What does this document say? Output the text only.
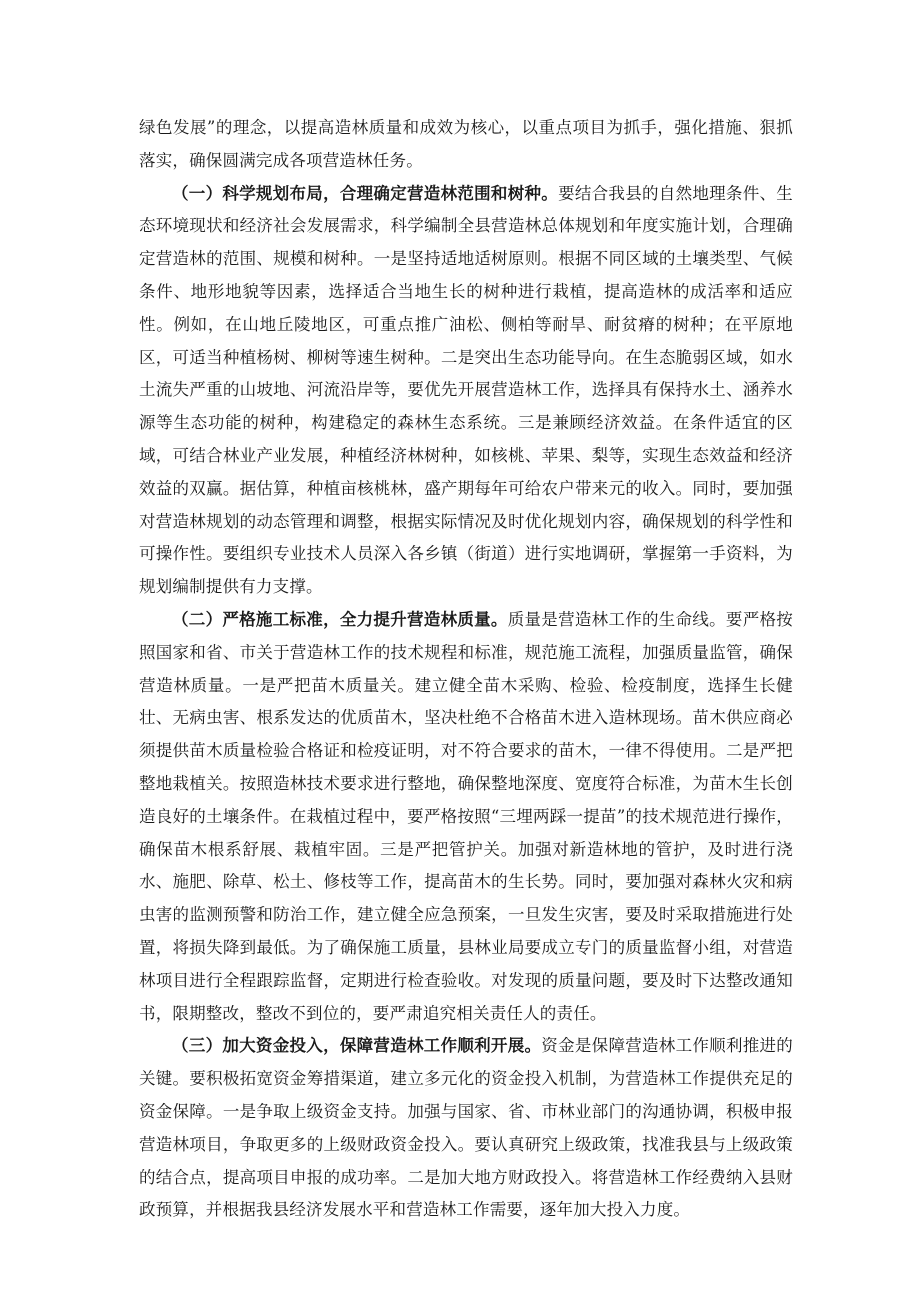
绿色发展”的理念，以提高造林质量和成效为核心，以重点项目为抓手，强化措施、狠抓落实，确保圆满完成各项营造林任务。

（一）科学规划布局，合理确定营造林范围和树种。要结合我县的自然地理条件、生态环境现状和经济社会发展需求，科学编制全县营造林总体规划和年度实施计划，合理确定营造林的范围、规模和树种。一是坚持适地适树原则。根据不同区域的土壤类型、气候条件、地形地貌等因素，选择适合当地生长的树种进行栽植，提高造林的成活率和适应性。例如，在山地丘陵地区，可重点推广油松、侧柏等耐旱、耐贫瘠的树种；在平原地区，可适当种植杨树、柳树等速生树种。二是突出生态功能导向。在生态脆弱区域，如水土流失严重的山坡地、河流沿岸等，要优先开展营造林工作，选择具有保持水土、涵养水源等生态功能的树种，构建稳定的森林生态系统。三是兼顾经济效益。在条件适宜的区域，可结合林业产业发展，种植经济林树种，如核桃、苹果、梨等，实现生态效益和经济效益的双赢。据估算，种植亩核桃林，盛产期每年可给农户带来元的收入。同时，要加强对营造林规划的动态管理和调整，根据实际情况及时优化规划内容，确保规划的科学性和可操作性。要组织专业技术人员深入各乡镇（街道）进行实地调研，掌握第一手资料，为规划编制提供有力支撑。

（二）严格施工标准，全力提升营造林质量。质量是营造林工作的生命线。要严格按照国家和省、市关于营造林工作的技术规程和标准，规范施工流程，加强质量监管，确保营造林质量。一是严把苗木质量关。建立健全苗木采购、检验、检疫制度，选择生长健壮、无病虫害、根系发达的优质苗木，坚决杜绝不合格苗木进入造林现场。苗木供应商必须提供苗木质量检验合格证和检疫证明，对不符合要求的苗木，一律不得使用。二是严把整地栽植关。按照造林技术要求进行整地，确保整地深度、宽度符合标准，为苗木生长创造良好的土壤条件。在栽植过程中，要严格按照“三埋两踩一提苗”的技术规范进行操作，确保苗木根系舒展、栽植牢固。三是严把管护关。加强对新造林地的管护，及时进行浇水、施肥、除草、松土、修枝等工作，提高苗木的生长势。同时，要加强对森林火灾和病虫害的监测预警和防治工作，建立健全应急预案，一旦发生灾害，要及时采取措施进行处置，将损失降到最低。为了确保施工质量，县林业局要成立专门的质量监督小组，对营造林项目进行全程跟踪监督，定期进行检查验收。对发现的质量问题，要及时下达整改通知书，限期整改，整改不到位的，要严肃追究相关责任人的责任。

（三）加大资金投入，保障营造林工作顺利开展。资金是保障营造林工作顺利推进的关键。要积极拓宽资金筹措渠道，建立多元化的资金投入机制，为营造林工作提供充足的资金保障。一是争取上级资金支持。加强与国家、省、市林业部门的沟通协调，积极申报营造林项目，争取更多的上级财政资金投入。要认真研究上级政策，找准我县与上级政策的结合点，提高项目申报的成功率。二是加大地方财政投入。将营造林工作经费纳入县财政预算，并根据我县经济发展水平和营造林工作需要，逐年加大投入力度。
